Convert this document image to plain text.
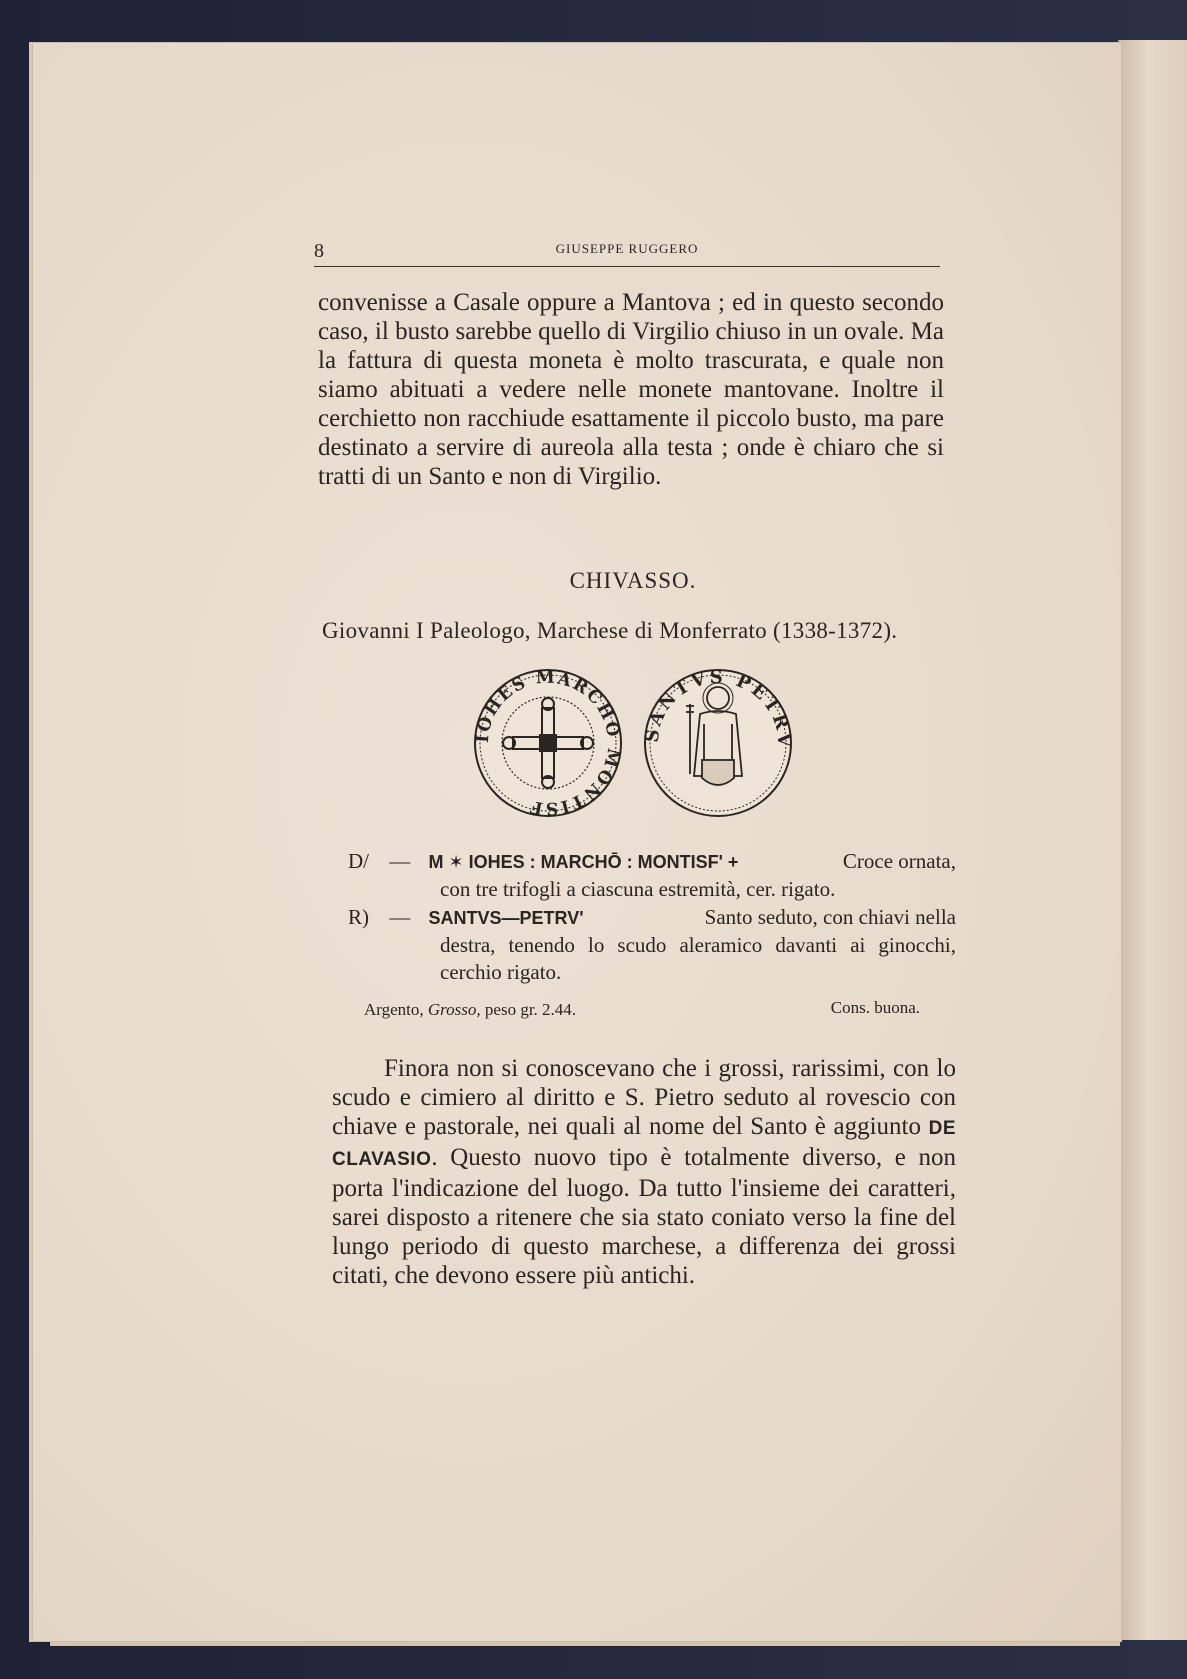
8	GIUSEPPE RUGGERO
convenisse a Casale oppure a Mantova ; ed in questo secondo caso, il busto sarebbe quello di Virgilio chiuso in un ovale. Ma la fattura di questa moneta è molto trascurata, e quale non siamo abituati a vedere nelle monete mantovane. Inoltre il cerchietto non racchiude esattamente il piccolo busto, ma pare destinato a servire di aureola alla testa ; onde è chiaro che si tratti di un Santo e non di Virgilio.
CHIVASSO.
Giovanni I Paleologo, Marchese di Monferrato (1338-1372).
IOHES MARCHO MONTISF
SANTVS PETRV
D/ — M ✶ IOHES : MARCHŌ : MONTISF' +	Croce ornata,
con tre trifogli a ciascuna estremità, cer. rigato.
R) — SANTVS—PETRV'	Santo seduto, con chiavi nella
destra, tenendo lo scudo aleramico davanti ai ginocchi, cerchio rigato.
Argento, Grosso, peso gr. 2.44.	Cons. buona.
Finora non si conoscevano che i grossi, rarissimi, con lo scudo e cimiero al diritto e S. Pietro seduto al rovescio con chiave e pastorale, nei quali al nome del Santo è aggiunto DE CLAVASIO. Questo nuovo tipo è totalmente diverso, e non porta l'indicazione del luogo. Da tutto l'insieme dei caratteri, sarei disposto a ritenere che sia stato coniato verso la fine del lungo periodo di questo marchese, a differenza dei grossi citati, che devono essere più antichi.
